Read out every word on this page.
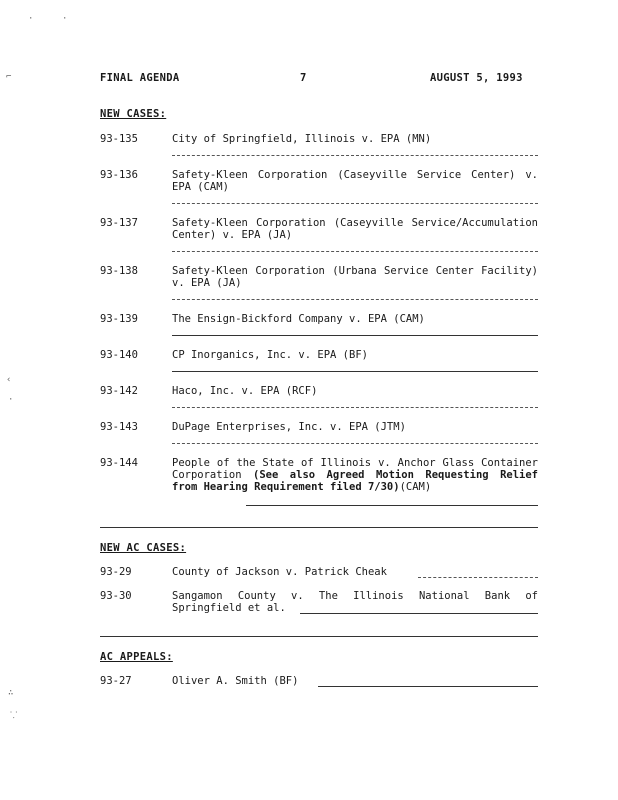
·	·
⌐
‹
·
∴
⸪
FINAL AGENDA	7	AUGUST 5, 1993
NEW CASES:
93-135	City of Springfield, Illinois v. EPA (MN)
93-136	Safety-Kleen Corporation (Caseyville Service Center) v. EPA (CAM)
93-137	Safety-Kleen Corporation (Caseyville Service/Accumulation Center) v. EPA (JA)
93-138	Safety-Kleen Corporation (Urbana Service Center Facility) v. EPA (JA)
93-139	The Ensign-Bickford Company v. EPA (CAM)
93-140	CP Inorganics, Inc. v. EPA (BF)
93-142	Haco, Inc. v. EPA (RCF)
93-143	DuPage Enterprises, Inc. v. EPA (JTM)
93-144	People of the State of Illinois v. Anchor Glass Container Corporation (See also Agreed Motion Requesting Relief from Hearing Requirement filed 7/30)(CAM)
NEW AC CASES:
93-29	County of Jackson v. Patrick Cheak
93-30	Sangamon County v. The Illinois National Bank of Springfield et al.
AC APPEALS:
93-27	Oliver A. Smith (BF)
